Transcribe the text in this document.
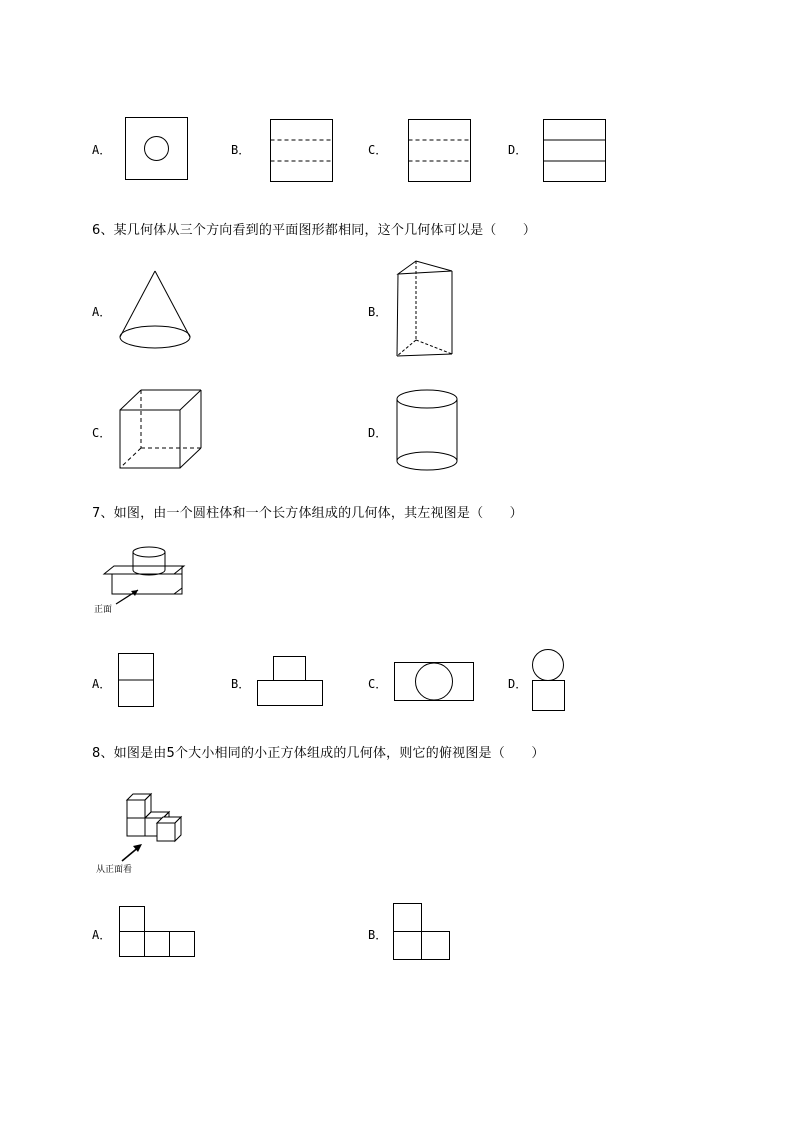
A．	B．	C．	D．
6、某几何体从三个方向看到的平面图形都相同，这个几何体可以是（　　）
A．	B．
C．	D．
7、如图，由一个圆柱体和一个长方体组成的几何体，其左视图是（　　）
正面
A．	B．	C．	D．
8、如图是由5个大小相同的小正方体组成的几何体，则它的俯视图是（　　）
从正面看
A．	B．
